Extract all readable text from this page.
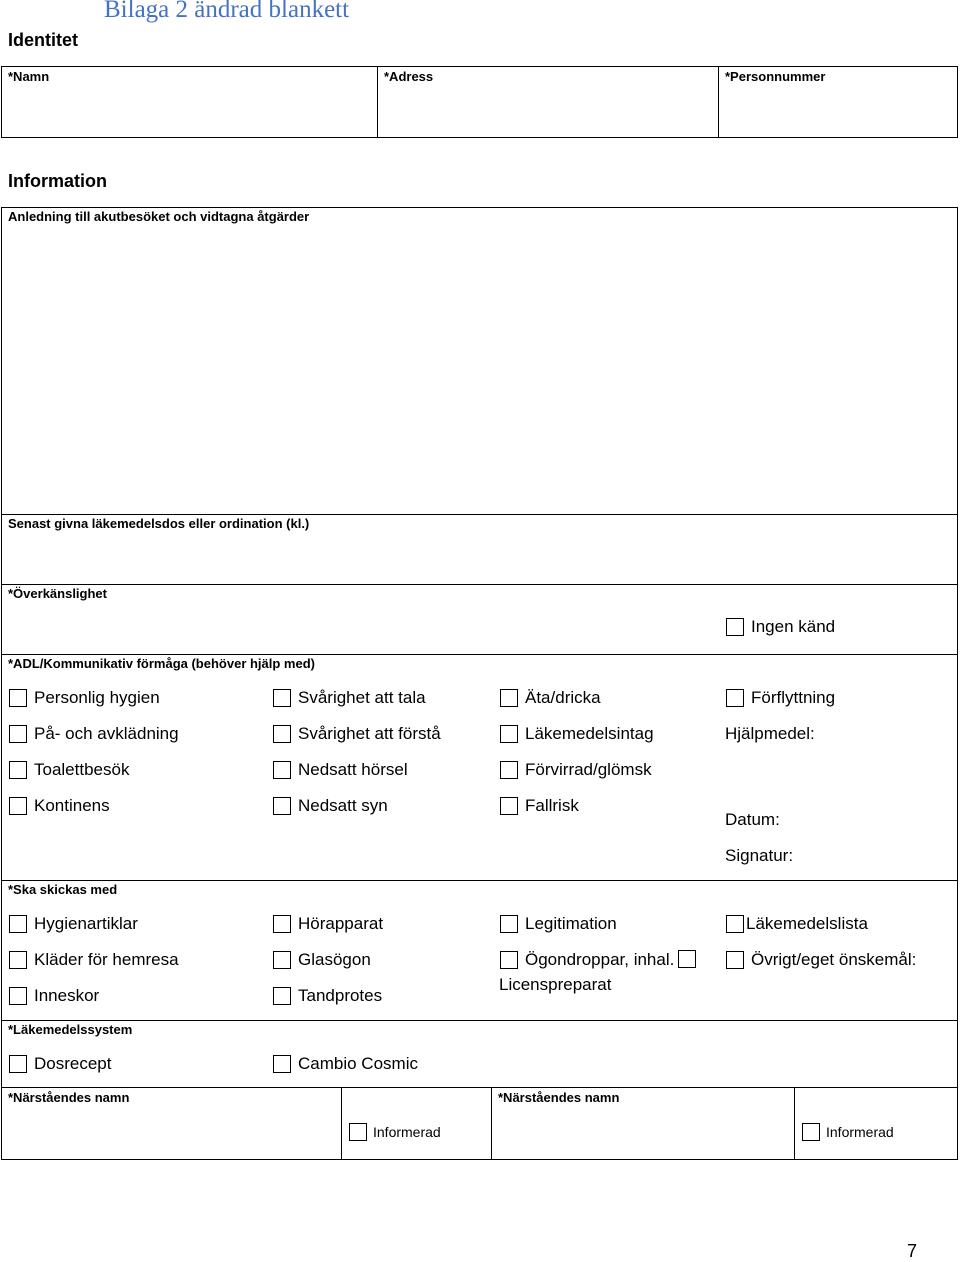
Bilaga 2 ändrad blankett
Identitet
*Namn	*Adress	*Personnummer
Information
Anledning till akutbesöket och vidtagna åtgärder
Senast givna läkemedelsdos eller ordination (kl.)
*Överkänslighet
Ingen känd
*ADL/Kommunikativ förmåga (behöver hjälp med)
Personlig hygien
På- och avklädning
Toalettbesök
Kontinens
Svårighet att tala
Svårighet att förstå
Nedsatt hörsel
Nedsatt syn
Äta/dricka
Läkemedelsintag
Förvirrad/glömsk
Fallrisk
Förflyttning
Hjälpmedel:
Datum:
Signatur:
*Ska skickas med
Hygienartiklar
Kläder för hemresa
Inneskor
Hörapparat
Glasögon
Tandprotes
Legitimation
Ögondroppar, inhal.
Licenspreparat
Läkemedelslista
Övrigt/eget önskemål:
*Läkemedelssystem
Dosrecept	Cambio Cosmic
*Närståendes namn
Informerad
*Närståendes namn
Informerad
7
